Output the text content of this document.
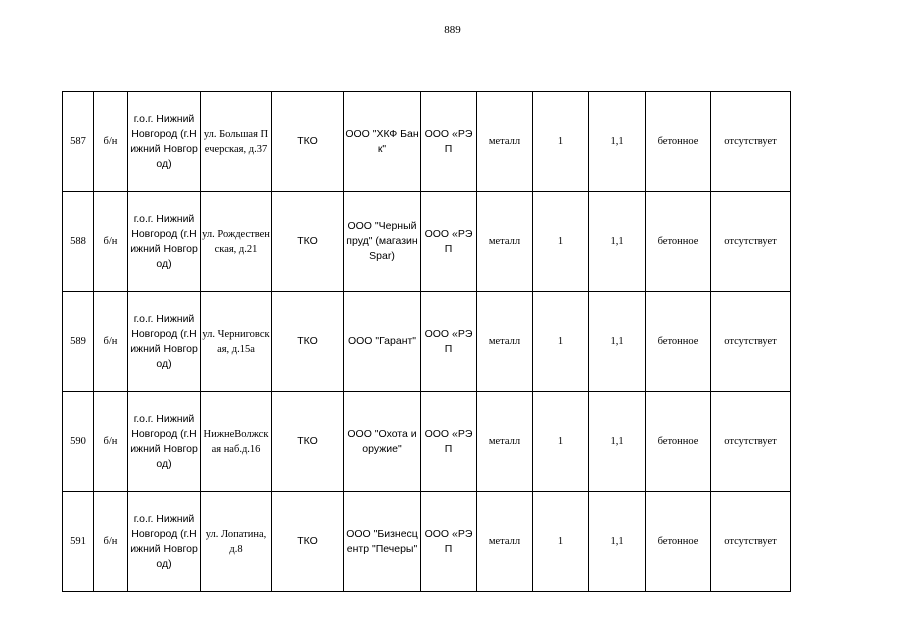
889
587	б/н	г.о.г. Нижний Новгород (г.Нижний Новгород)	ул. Большая Печерская, д.37	ТКО	ООО "ХКФ Банк"	ООО «РЭП	металл	1	1,1	бетонное	отсутствует
588	б/н	г.о.г. Нижний Новгород (г.Нижний Новгород)	ул. Рождественская, д.21	ТКО	ООО "Черный пруд" (магазин Spar)	ООО «РЭП	металл	1	1,1	бетонное	отсутствует
589	б/н	г.о.г. Нижний Новгород (г.Нижний Новгород)	ул. Черниговская, д.15а	ТКО	ООО "Гарант"	ООО «РЭП	металл	1	1,1	бетонное	отсутствует
590	б/н	г.о.г. Нижний Новгород (г.Нижний Новгород)	НижнеВолжская наб.д.16	ТКО	ООО "Охота и оружие"	ООО «РЭП	металл	1	1,1	бетонное	отсутствует
591	б/н	г.о.г. Нижний Новгород (г.Нижний Новгород)	ул. Лопатина, д.8	ТКО	ООО "Бизнесцентр "Печеры"	ООО «РЭП	металл	1	1,1	бетонное	отсутствует
